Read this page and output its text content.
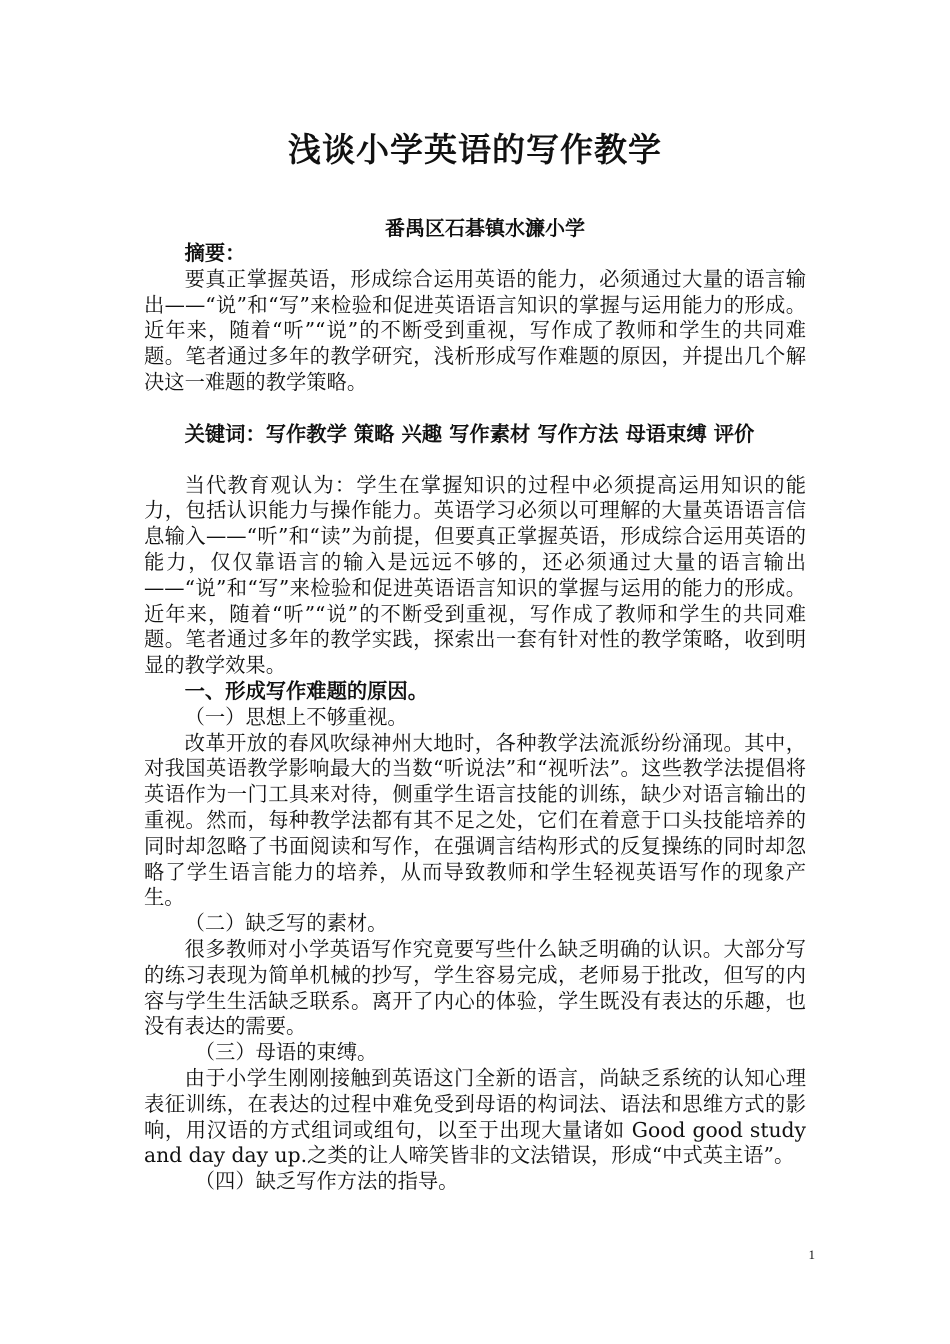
浅谈小学英语的写作教学
番禺区石碁镇水濂小学

摘要：

要真正掌握英语，形成综合运用英语的能力，必须通过大量的语言输出——“说”和“写”来检验和促进英语语言知识的掌握与运用能力的形成。近年来，随着“听”“说”的不断受到重视，写作成了教师和学生的共同难题。笔者通过多年的教学研究，浅析形成写作难题的原因，并提出几个解决这一难题的教学策略。

关键词：写作教学 策略 兴趣 写作素材 写作方法 母语束缚 评价

当代教育观认为：学生在掌握知识的过程中必须提高运用知识的能力，包括认识能力与操作能力。英语学习必须以可理解的大量英语语言信息输入——“听”和“读”为前提，但要真正掌握英语，形成综合运用英语的能力，仅仅靠语言的输入是远远不够的，还必须通过大量的语言输出——“说”和“写”来检验和促进英语语言知识的掌握与运用的能力的形成。近年来，随着“听”“说”的不断受到重视，写作成了教师和学生的共同难题。笔者通过多年的教学实践，探索出一套有针对性的教学策略，收到明显的教学效果。

一、形成写作难题的原因。

（一）思想上不够重视。

改革开放的春风吹绿神州大地时，各种教学法流派纷纷涌现。其中，对我国英语教学影响最大的当数“听说法”和“视听法”。这些教学法提倡将英语作为一门工具来对待，侧重学生语言技能的训练，缺少对语言输出的重视。然而，每种教学法都有其不足之处，它们在着意于口头技能培养的同时却忽略了书面阅读和写作，在强调言结构形式的反复操练的同时却忽略了学生语言能力的培养，从而导致教师和学生轻视英语写作的现象产生。

（二）缺乏写的素材。

很多教师对小学英语写作究竟要写些什么缺乏明确的认识。大部分写的练习表现为简单机械的抄写，学生容易完成，老师易于批改，但写的内容与学生生活缺乏联系。离开了内心的体验，学生既没有表达的乐趣，也没有表达的需要。

（三）母语的束缚。

由于小学生刚刚接触到英语这门全新的语言，尚缺乏系统的认知心理表征训练，在表达的过程中难免受到母语的构词法、语法和思维方式的影响，用汉语的方式组词或组句，以至于出现大量诸如 Good good study and day day up.之类的让人啼笑皆非的文法错误，形成“中式英主语”。

（四）缺乏写作方法的指导。

1
